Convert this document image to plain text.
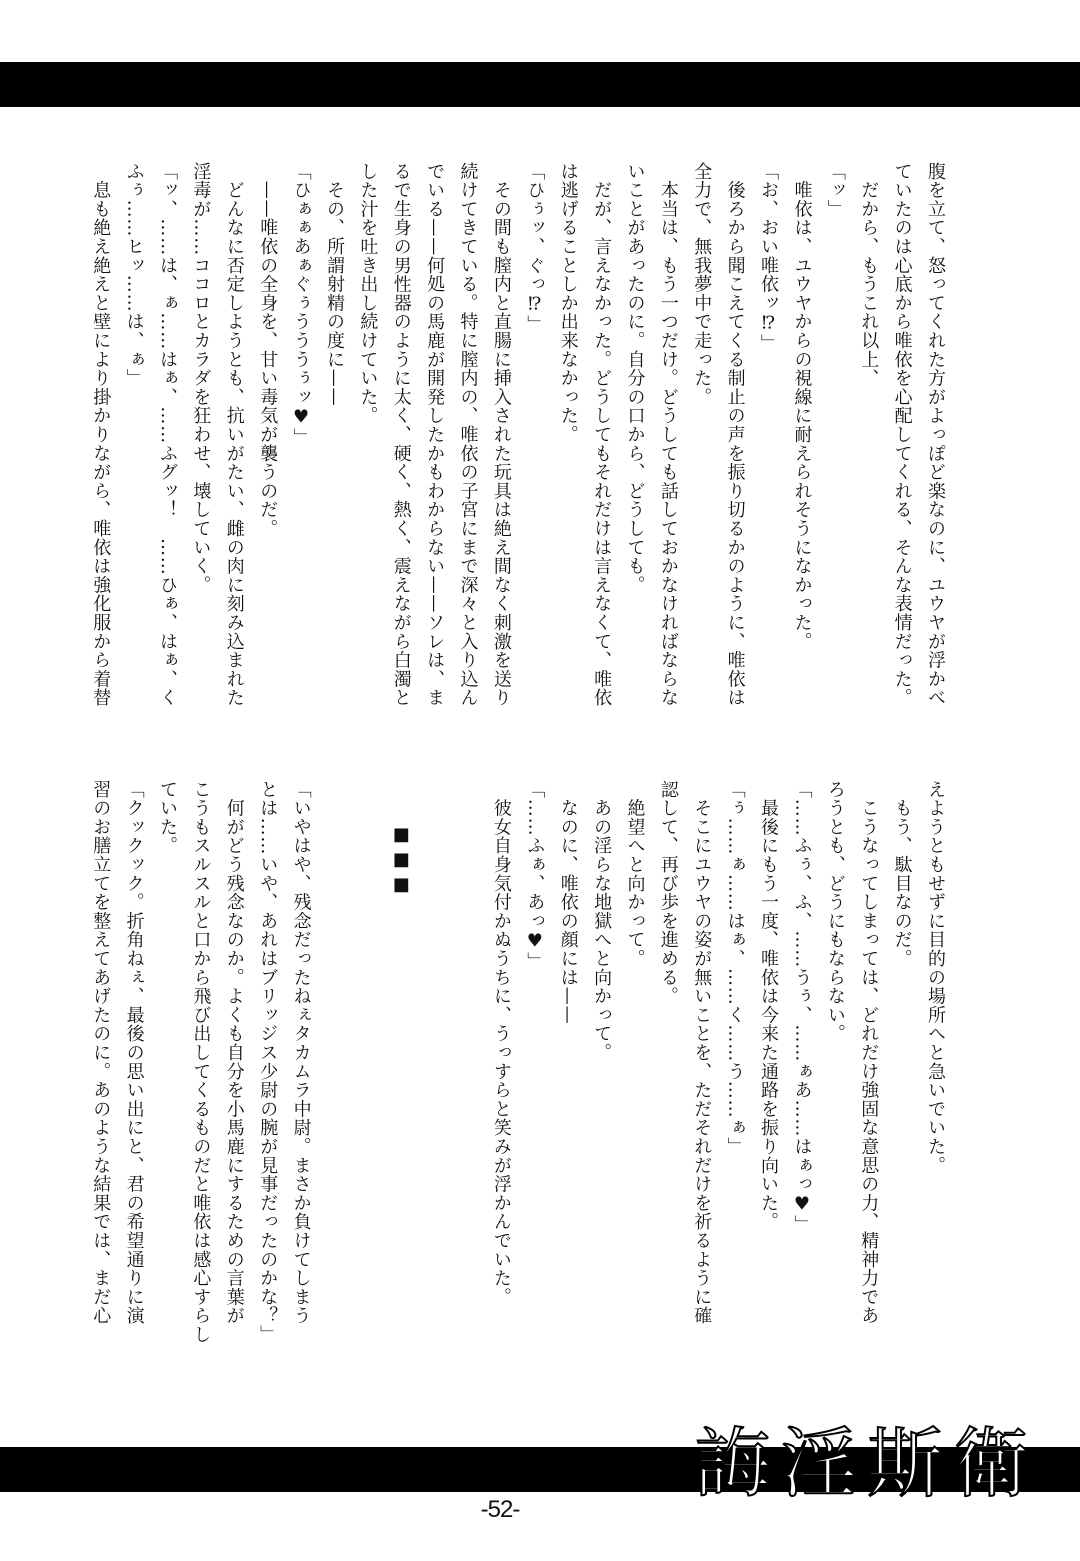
腹を立て、怒ってくれた方がよっぽど楽なのに、ユウヤが浮かべ

ていたのは心底から唯依を心配してくれる、そんな表情だった。

　だから、もうこれ以上、

「ッ」

　唯依は、ユウヤからの視線に耐えられそうになかった。

「お、おい唯依ッ⁉」

　後ろから聞こえてくる制止の声を振り切るかのように、唯依は

全力で、無我夢中で走った。

　本当は、もう一つだけ。どうしても話しておかなければならな

いことがあったのに。自分の口から、どうしても。

　だが、言えなかった。どうしてもそれだけは言えなくて、唯依

は逃げることしか出来なかった。

「ひぅッ、ぐっ⁉」

　その間も膣内と直腸に挿入された玩具は絶え間なく刺激を送り

続けてきている。特に膣内の、唯依の子宮にまで深々と入り込ん

でいる——何処の馬鹿が開発したかもわからない——ソレは、ま

るで生身の男性器のように太く、硬く、熱く、震えながら白濁と

した汁を吐き出し続けていた。

　その、所謂射精の度に——

「ひぁぁあぁぐぅうううぅッ♥」

　——唯依の全身を、甘い毒気が襲うのだ。

　どんなに否定しようとも、抗いがたい、雌の肉に刻み込まれた

淫毒が……ココロとカラダを狂わせ、壊していく。

「ッ、……は、ぁ……はぁ、……ふグッ！　……ひぁ、はぁ、く

ふぅ……ヒッ……は、ぁ」

　息も絶え絶えと壁により掛かりながら、唯依は強化服から着替

えようともせずに目的の場所へと急いでいた。

　もう、駄目なのだ。

　こうなってしまっては、どれだけ強固な意思の力、精神力であ

ろうとも、どうにもならない。

「……ふぅ、ふ、……うぅ、……ぁあ……はぁっ♥」

　最後にもう一度、唯依は今来た通路を振り向いた。

「ぅ……ぁ……はぁ、……く……う……ぁ」

　そこにユウヤの姿が無いことを、ただそれだけを祈るように確

認して、再び歩を進める。

　絶望へと向かって。

　あの淫らな地獄へと向かって。

　なのに、唯依の顔には——

「……ふぁ、あっ♥」

　彼女自身気付かぬうちに、うっすらと笑みが浮かんでいた。

■■■

「いやはや、残念だったねぇタカムラ中尉。まさか負けてしまう

とは……いや、あれはブリッジス少尉の腕が見事だったのかな？」

　何がどう残念なのか。よくも自分を小馬鹿にするための言葉が

こうもスルスルと口から飛び出してくるものだと唯依は感心すらし

ていた。

「クックック。折角ねぇ、最後の思い出にと、君の希望通りに演

習のお膳立てを整えてあげたのに。あのような結果では、まだ心

誨淫斯衛
-52-
